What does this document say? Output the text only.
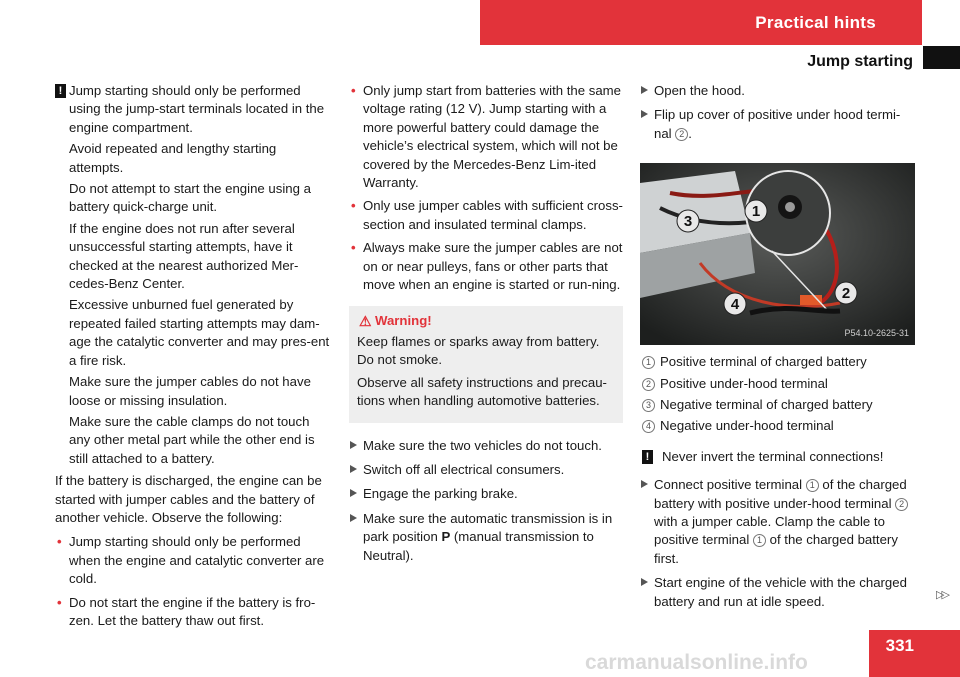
Practical hints
Jump starting
! Jump starting should only be performed using the jump-start terminals located in the engine compartment.

Avoid repeated and lengthy starting attempts.

Do not attempt to start the engine using a battery quick-charge unit.

If the engine does not run after several unsuccessful starting attempts, have it checked at the nearest authorized Mer-cedes-Benz Center.

Excessive unburned fuel generated by repeated failed starting attempts may dam-age the catalytic converter and may pres-ent a fire risk.

Make sure the jumper cables do not have loose or missing insulation.

Make sure the cable clamps do not touch any other metal part while the other end is still attached to a battery.

If the battery is discharged, the engine can be started with jumper cables and the battery of another vehicle. Observe the following:

• Jump starting should only be performed when the engine and catalytic converter are cold.
• Do not start the engine if the battery is fro-zen. Let the battery thaw out first.
• Only jump start from batteries with the same voltage rating (12 V). Jump starting with a more powerful battery could damage the vehicle’s electrical system, which will not be covered by the Mercedes-Benz Lim-ited Warranty.
• Only use jumper cables with sufficient cross-section and insulated terminal clamps.
• Always make sure the jumper cables are not on or near pulleys, fans or other parts that move when an engine is started or run-ning.
⚠ Warning!

Keep flames or sparks away from battery. Do not smoke.

Observe all safety instructions and precau-tions when handling automotive batteries.

Make sure the two vehicles do not touch.
Switch off all electrical consumers.
Engage the parking brake.
Make sure the automatic transmission is in park position P (manual transmission to Neutral).
Open the hood.
Flip up cover of positive under hood termi-nal 2 .
1
2
3
4
P54.10-2625-31
1 Positive terminal of charged battery
2 Positive under-hood terminal
3 Negative terminal of charged battery
4 Negative under-hood terminal
! Never invert the terminal connections!
Connect positive terminal 1 of the charged battery with positive under-hood terminal 2 with a jumper cable. Clamp the cable to positive terminal 1 of the charged battery first.
Start engine of the vehicle with the charged battery and run at idle speed.	▷▷
331
carmanualsonline.info
